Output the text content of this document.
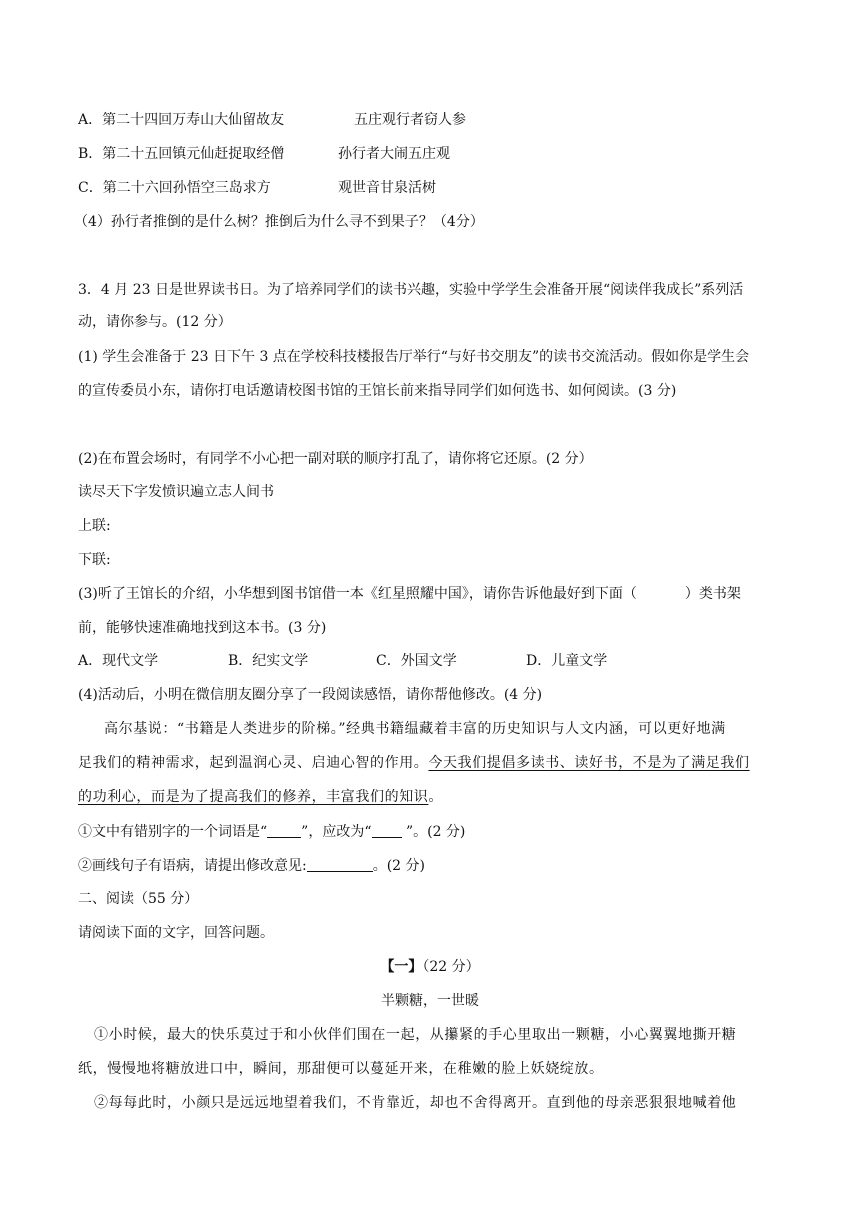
A．第二十四回万寿山大仙留故友	五庄观行者窃人参
B．第二十五回镇元仙赶捉取经僧	孙行者大闹五庄观
C．第二十六回孙悟空三岛求方	观世音甘泉活树
（4）孙行者推倒的是什么树？推倒后为什么寻不到果子？（4分）
3．4 月 23 日是世界读书日。为了培养同学们的读书兴趣，实验中学学生会准备开展“阅读伴我成长”系列活
动，请你参与。(12 分）
(1) 学生会准备于 23 日下午 3 点在学校科技楼报告厅举行“与好书交朋友”的读书交流活动。假如你是学生会
的宣传委员小东，请你打电话邀请校图书馆的王馆长前来指导同学们如何选书、如何阅读。(3 分)
(2)在布置会场时，有同学不小心把一副对联的顺序打乱了，请你将它还原。(2 分）
读尽天下字发愤识遍立志人间书
上联:
下联:
(3)听了王馆长的介绍，小华想到图书馆借一本《红星照耀中国》，请你告诉他最好到下面（	）类书架
前，能够快速准确地找到这本书。(3 分)
A．现代文学	B．纪实文学	C．外国文学	D．儿童文学
(4)活动后，小明在微信朋友圈分享了一段阅读感悟，请你帮他修改。(4 分)
高尔基说：“书籍是人类进步的阶梯。”经典书籍缊藏着丰富的历史知识与人文内涵，可以更好地满
足我们的精神需求，起到温润心灵、启迪心智的作用。今天我们提倡多读书、读好书，不是为了满足我们
的功利心，而是为了提高我们的修养，丰富我们的知识。
①文中有错别字的一个词语是“ ”，应改为“ ”。(2 分)
②画线句子有语病，请提出修改意见:	。(2 分)
二、阅读（55 分）
请阅读下面的文字，回答问题。
【一】（22 分）
半颗糖，一世暖
①小时候，最大的快乐莫过于和小伙伴们围在一起，从攥紧的手心里取出一颗糖，小心翼翼地撕开糖
纸，慢慢地将糖放进口中，瞬间，那甜便可以蔓延开来，在稚嫩的脸上妖娆绽放。
②每每此时，小颜只是远远地望着我们，不肯靠近，却也不舍得离开。直到他的母亲恶狠狠地喊着他
